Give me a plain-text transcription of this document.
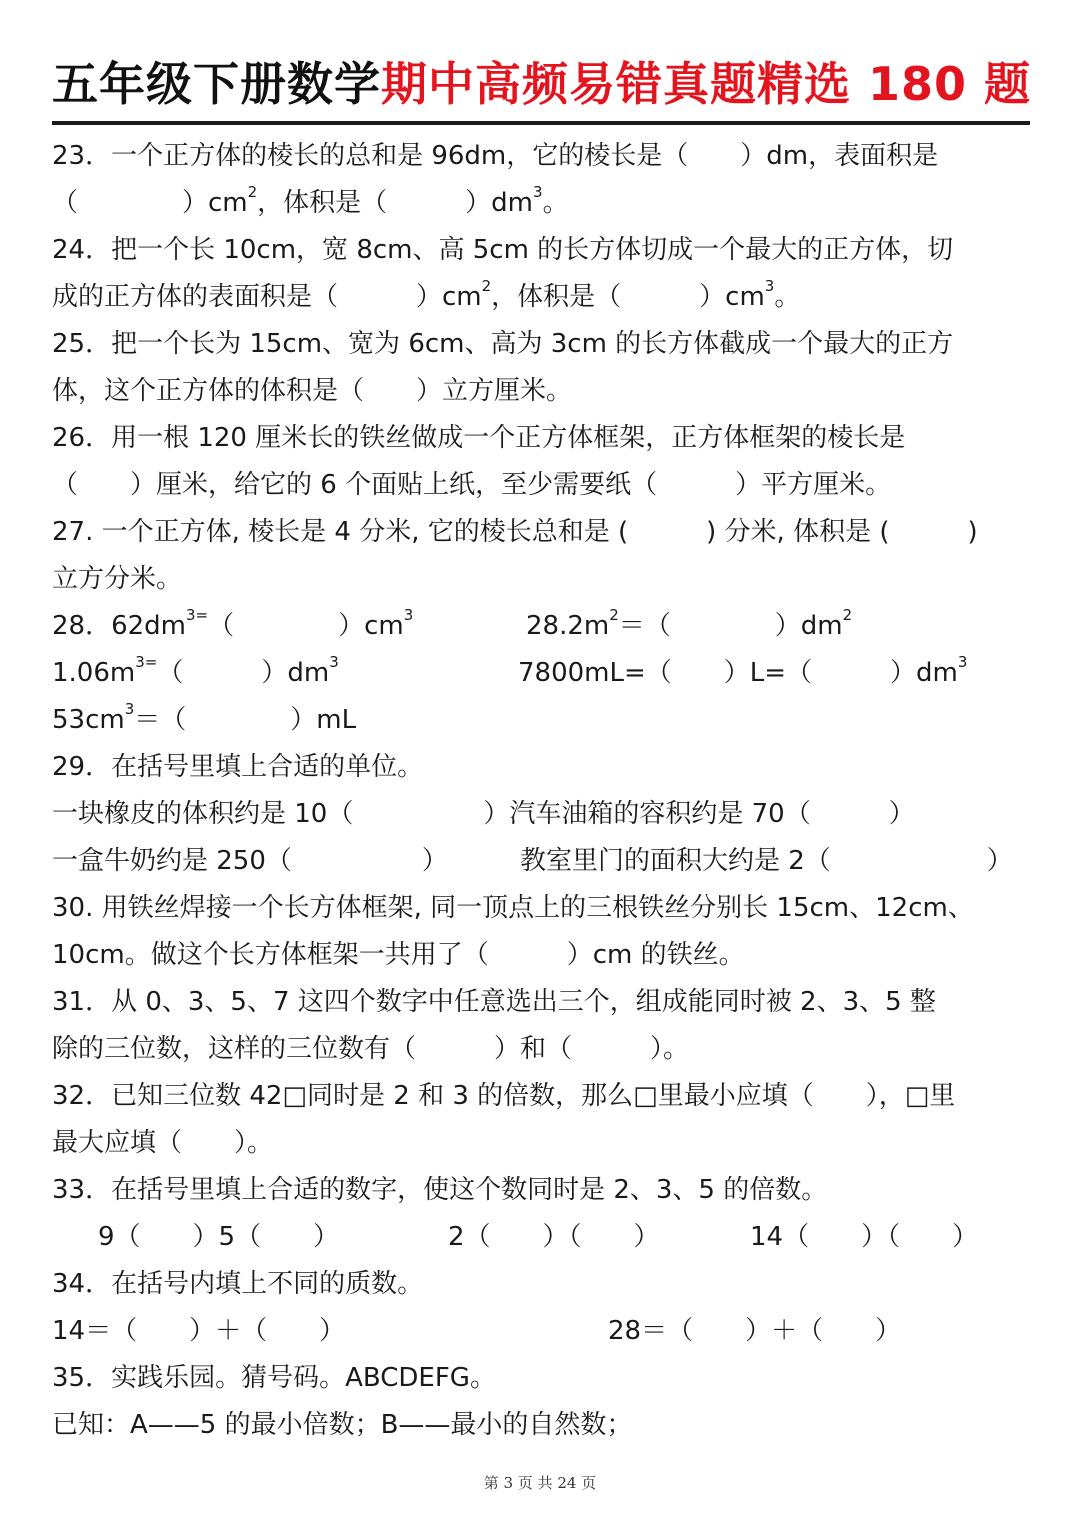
五年级下册数学期中高频易错真题精选 180 题
23．一个正方体的棱长的总和是 96dm，它的棱长是（　　）dm，表面积是
（　　　　）$cm^2$，体积是（　　　）$dm^3$。
24．把一个长 10cm，宽 8cm、高 5cm 的长方体切成一个最大的正方体，切
成的正方体的表面积是（　　　）$cm^2$，体积是（　　　）$cm^3$。
25．把一个长为 15cm、宽为 6cm、高为 3cm 的长方体截成一个最大的正方
体，这个正方体的体积是（　　）立方厘米。
26．用一根 120 厘米长的铁丝做成一个正方体框架，正方体框架的棱长是
（　　）厘米，给它的 6 个面贴上纸，至少需要纸（　　　）平方厘米。
27. 一个正方体, 棱长是 4 分米, 它的棱长总和是 (　　　) 分米, 体积是 (　　　)
立方分米。
28．$62dm^{3=}$（　　　　）$cm^3$	$28.2m^2=$（　　　　）$dm^2$
$1.06m^{3=}$（　　　）$dm^3$	7800mL=（　　）L=（　　　）$dm^3$
$53cm^3=$（　　　　）mL
29．在括号里填上合适的单位。
一块橡皮的体积约是 10（　　　　　）汽车油箱的容积约是 70（　　　）
一盒牛奶约是 250（　　　　　）	教室里门的面积大约是 2（　　　　　　）
30. 用铁丝焊接一个长方体框架, 同一顶点上的三根铁丝分别长 15cm、12cm、
10cm。做这个长方体框架一共用了（　　　）cm 的铁丝。
31．从 0、3、5、7 这四个数字中任意选出三个，组成能同时被 2、3、5 整
除的三位数，这样的三位数有（　　　）和（　　　）。
32．已知三位数 42□同时是 2 和 3 的倍数，那么□里最小应填（　　），□里
最大应填（　　）。
33．在括号里填上合适的数字，使这个数同时是 2、3、5 的倍数。
9（　　）5（　　）	2（　　）（　　）	14（　　）（　　）
34．在括号内填上不同的质数。
14＝（　　）＋（　　）	28＝（　　）＋（　　）
35．实践乐园。猜号码。ABCDEFG。
已知：A——5 的最小倍数；B——最小的自然数；
第 3 页 共 24 页
